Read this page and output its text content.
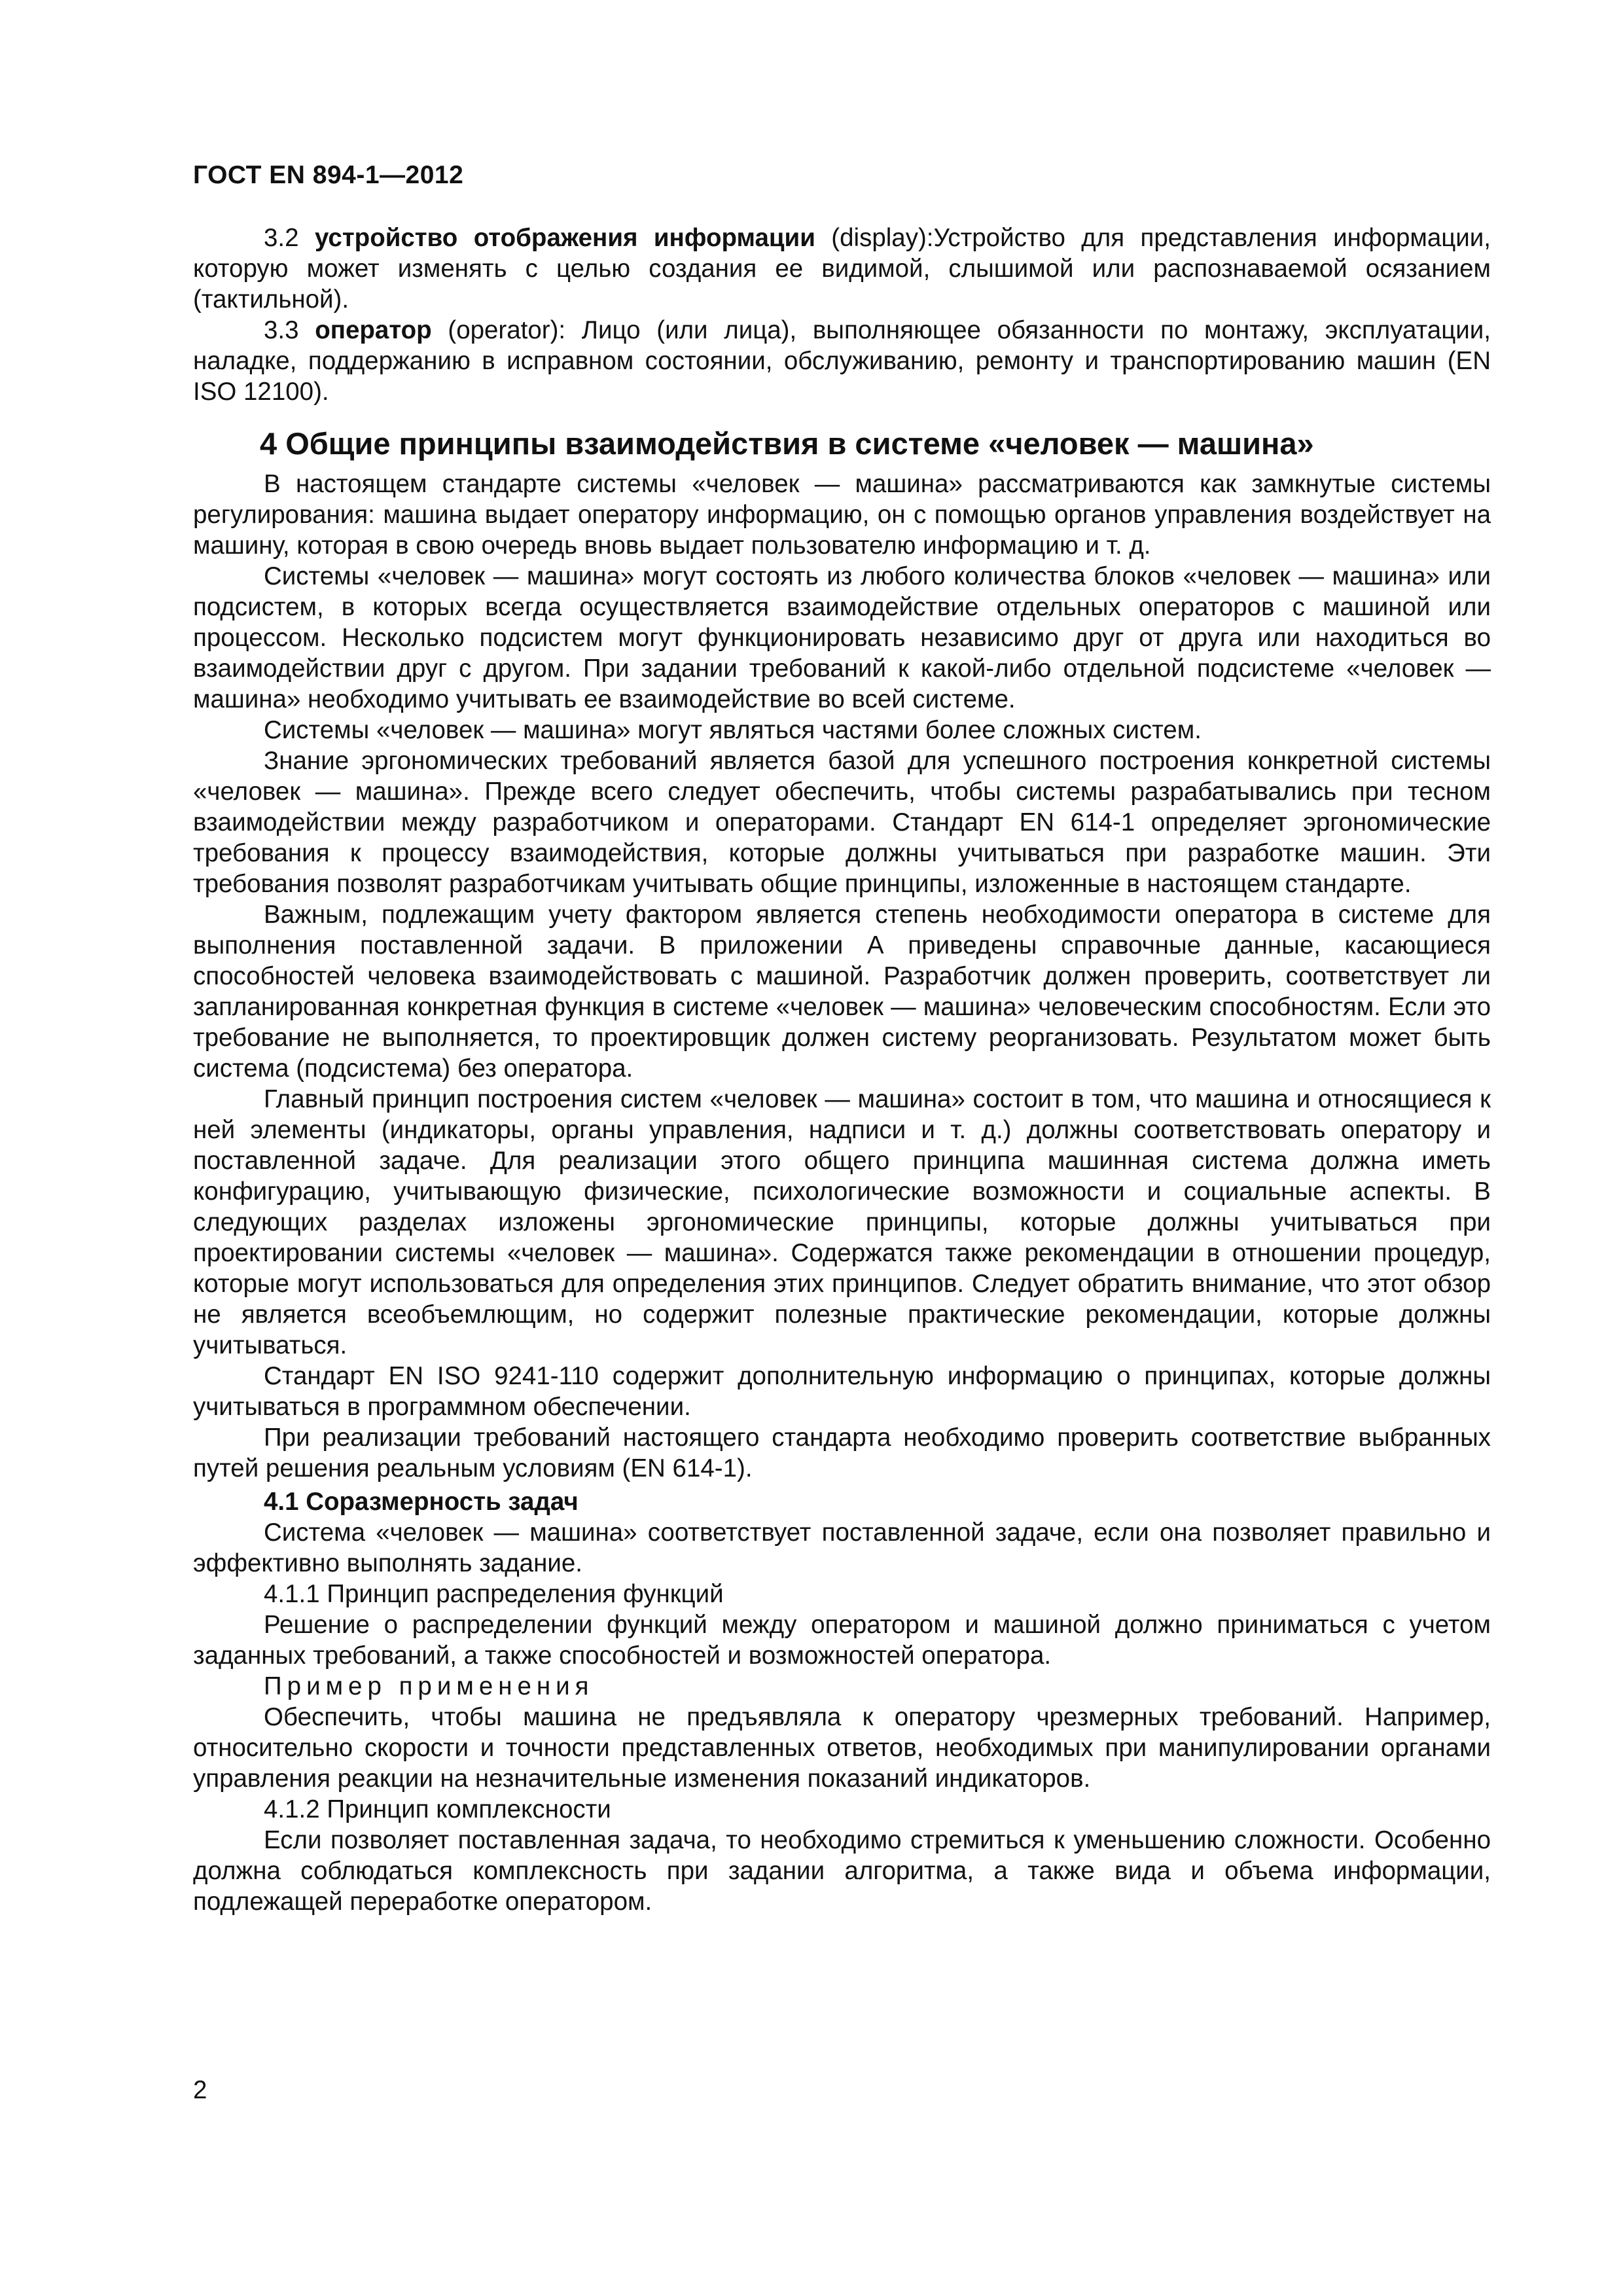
ГОСТ EN 894-1—2012

3.2 устройство отображения информации (display):Устройство для представления информации, которую может изменять с целью создания ее видимой, слышимой или распознаваемой осязанием (тактильной).

3.3 оператор (operator): Лицо (или лица), выполняющее обязанности по монтажу, эксплуатации, наладке, поддержанию в исправном состоянии, обслуживанию, ремонту и транспортированию машин (EN ISO 12100).

4 Общие принципы взаимодействия в системе «человек — машина»

В настоящем стандарте системы «человек — машина» рассматриваются как замкнутые системы регулирования: машина выдает оператору информацию, он с помощью органов управления воздействует на машину, которая в свою очередь вновь выдает пользователю информацию и т. д.

Системы «человек — машина» могут состоять из любого количества блоков «человек — машина» или подсистем, в которых всегда осуществляется взаимодействие отдельных операторов с машиной или процессом. Несколько подсистем могут функционировать независимо друг от друга или находиться во взаимодействии друг с другом. При задании требований к какой-либо отдельной подсистеме «человек — машина» необходимо учитывать ее взаимодействие во всей системе.

Системы «человек — машина» могут являться частями более сложных систем.

Знание эргономических требований является базой для успешного построения конкретной системы «человек — машина». Прежде всего следует обеспечить, чтобы системы разрабатывались при тесном взаимодействии между разработчиком и операторами. Стандарт EN 614-1 определяет эргономические требования к процессу взаимодействия, которые должны учитываться при разработке машин. Эти требования позволят разработчикам учитывать общие принципы, изложенные в настоящем стандарте.

Важным, подлежащим учету фактором является степень необходимости оператора в системе для выполнения поставленной задачи. В приложении А приведены справочные данные, касающиеся способностей человека взаимодействовать с машиной. Разработчик должен проверить, соответствует ли запланированная конкретная функция в системе «человек — машина» человеческим способностям. Если это требование не выполняется, то проектировщик должен систему реорганизовать. Результатом может быть система (подсистема) без оператора.

Главный принцип построения систем «человек — машина» состоит в том, что машина и относящиеся к ней элементы (индикаторы, органы управления, надписи и т. д.) должны соответствовать оператору и поставленной задаче. Для реализации этого общего принципа машинная система должна иметь конфигурацию, учитывающую физические, психологические возможности и социальные аспекты. В следующих разделах изложены эргономические принципы, которые должны учитываться при проектировании системы «человек — машина». Содержатся также рекомендации в отношении процедур, которые могут использоваться для определения этих принципов. Следует обратить внимание, что этот обзор не является всеобъемлющим, но содержит полезные практические рекомендации, которые должны учитываться.

Стандарт EN ISO 9241-110 содержит дополнительную информацию о принципах, которые должны учитываться в программном обеспечении.

При реализации требований настоящего стандарта необходимо проверить соответствие выбранных путей решения реальным условиям (EN 614-1).

4.1 Соразмерность задач

Система «человек — машина» соответствует поставленной задаче, если она позволяет правильно и эффективно выполнять задание.

4.1.1 Принцип распределения функций

Решение о распределении функций между оператором и машиной должно приниматься с учетом заданных требований, а также способностей и возможностей оператора.

Пример применения

Обеспечить, чтобы машина не предъявляла к оператору чрезмерных требований. Например, относительно скорости и точности представленных ответов, необходимых при манипулировании органами управления реакции на незначительные изменения показаний индикаторов.

4.1.2 Принцип комплексности

Если позволяет поставленная задача, то необходимо стремиться к уменьшению сложности. Особенно должна соблюдаться комплексность при задании алгоритма, а также вида и объема информации, подлежащей переработке оператором.

2
